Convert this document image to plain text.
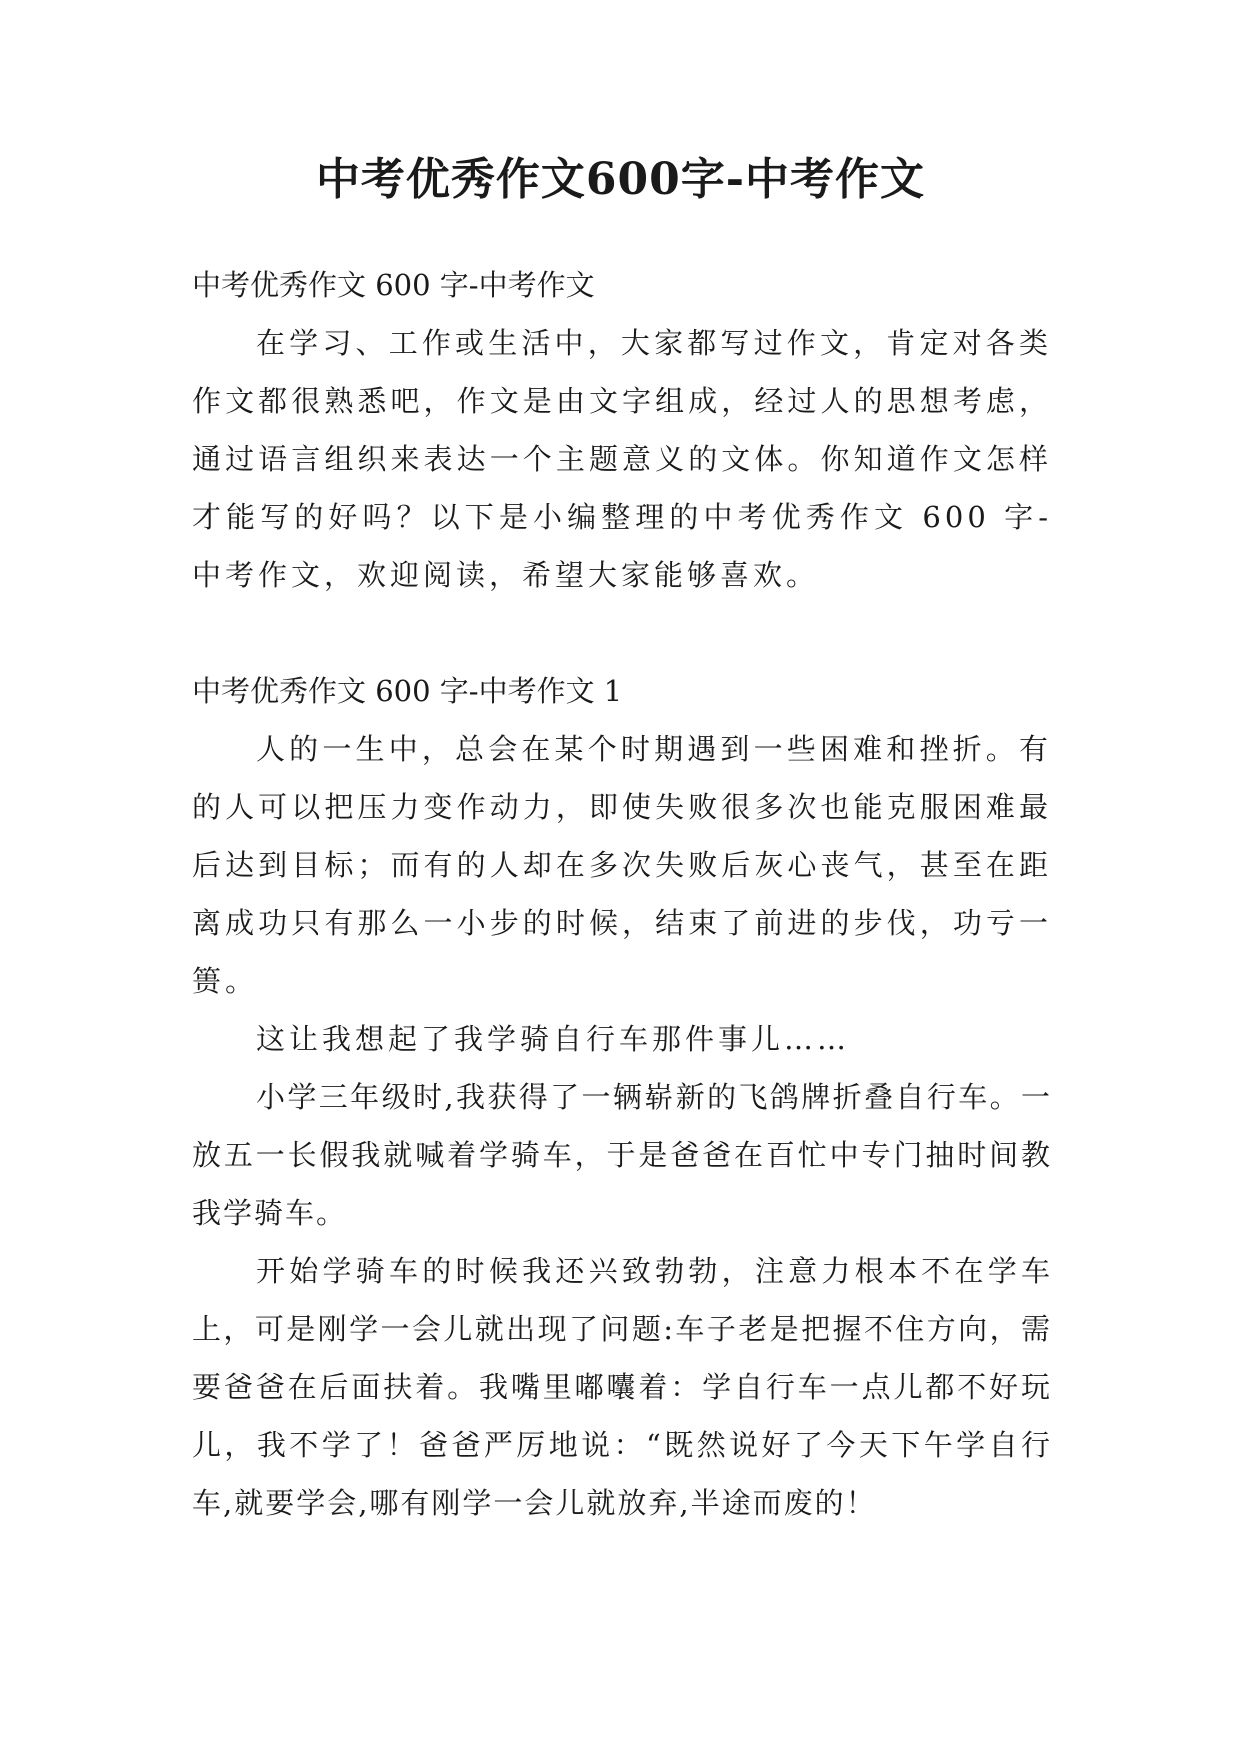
中考优秀作文600字-中考作文

中考优秀作文 600 字-中考作文

在学习、工作或生活中，大家都写过作文，肯定对各类作文都很熟悉吧，作文是由文字组成，经过人的思想考虑，通过语言组织来表达一个主题意义的文体。你知道作文怎样才能写的好吗？以下是小编整理的中考优秀作文 600 字-中考作文，欢迎阅读，希望大家能够喜欢。

中考优秀作文 600 字-中考作文 1

人的一生中，总会在某个时期遇到一些困难和挫折。有的人可以把压力变作动力，即使失败很多次也能克服困难最后达到目标；而有的人却在多次失败后灰心丧气，甚至在距离成功只有那么一小步的时候，结束了前进的步伐，功亏一篑。

这让我想起了我学骑自行车那件事儿……

小学三年级时,我获得了一辆崭新的飞鸽牌折叠自行车。一放五一长假我就喊着学骑车，于是爸爸在百忙中专门抽时间教我学骑车。

开始学骑车的时候我还兴致勃勃，注意力根本不在学车上，可是刚学一会儿就出现了问题:车子老是把握不住方向，需要爸爸在后面扶着。我嘴里嘟囔着：学自行车一点儿都不好玩儿，我不学了！爸爸严厉地说：“既然说好了今天下午学自行车,就要学会,哪有刚学一会儿就放弃,半途而废的！
